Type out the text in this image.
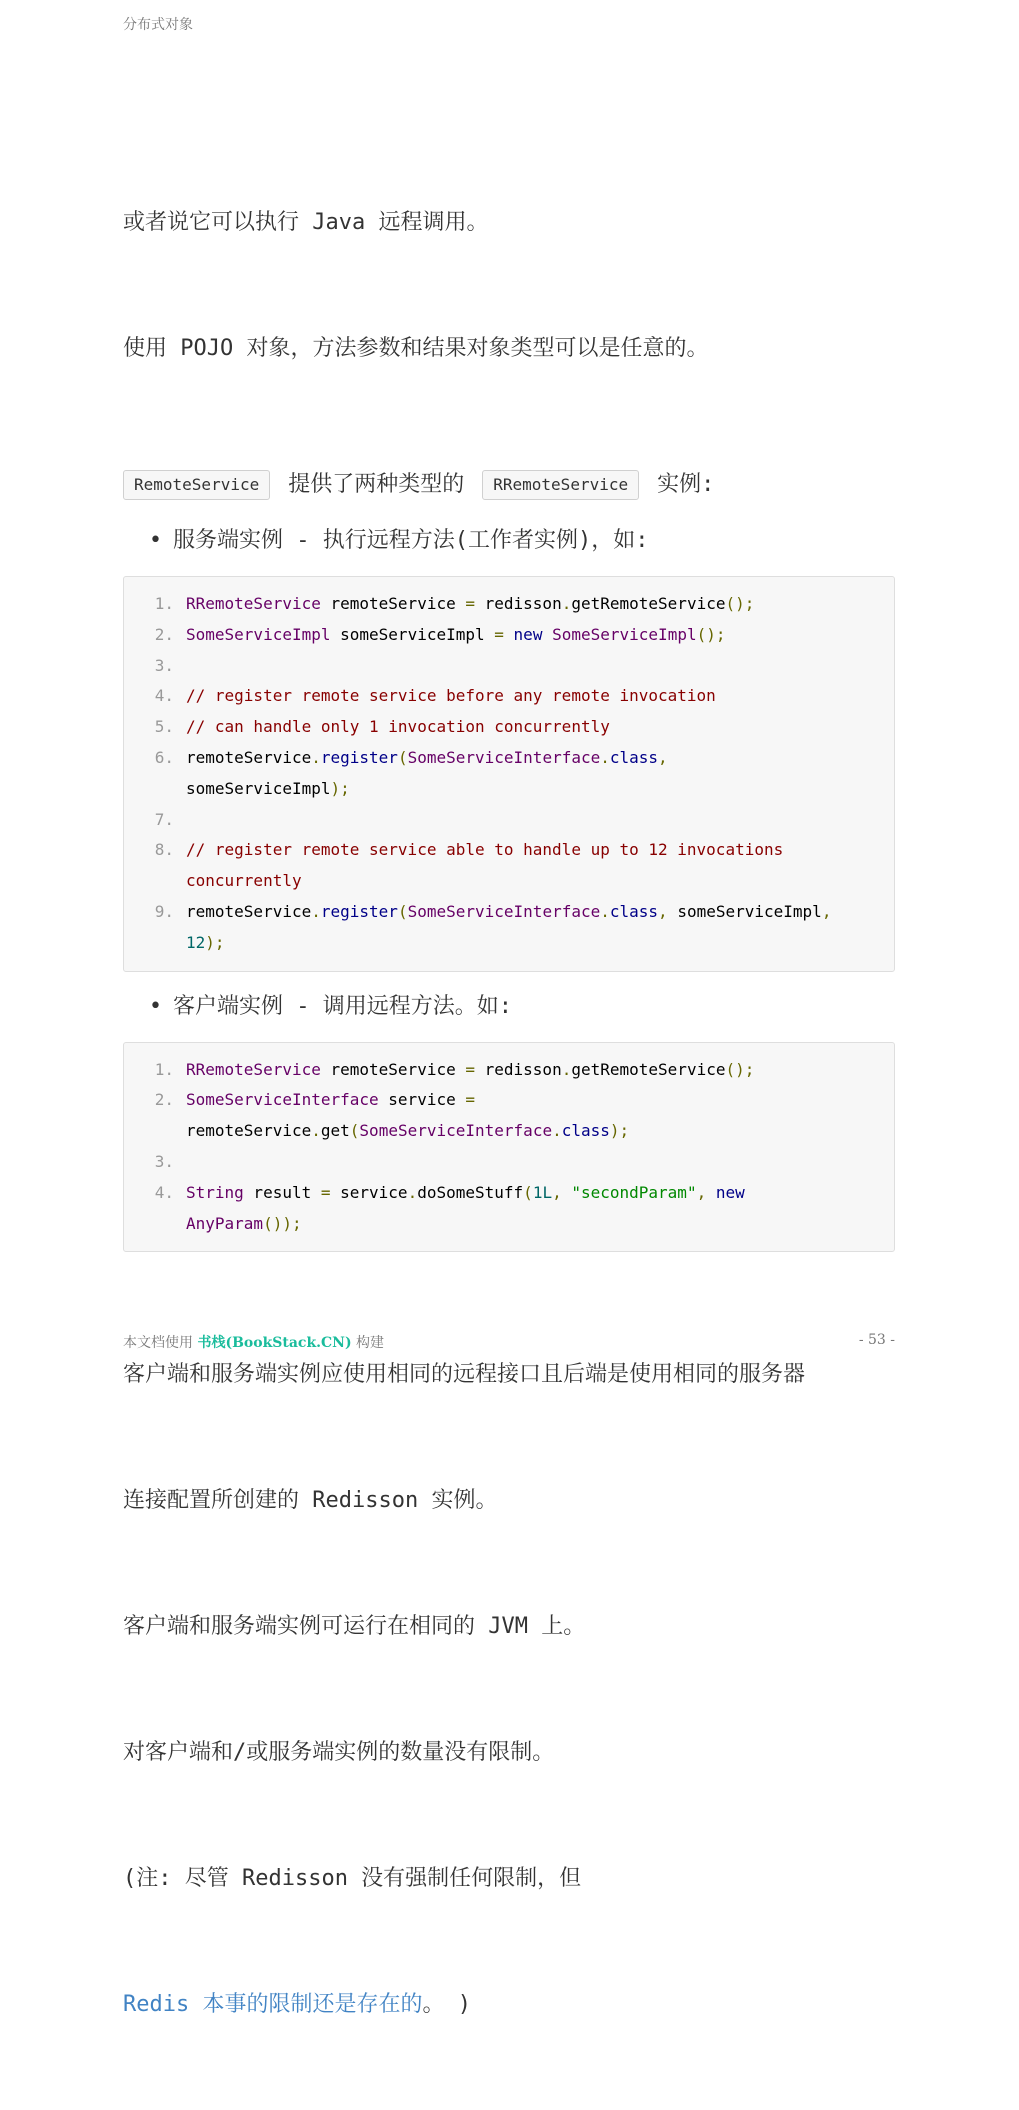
分布式对象

或者说它可以执行 Java 远程调用。

使用 POJO 对象，方法参数和结果对象类型可以是任意的。

RemoteService	提供了两种类型的	RRemoteService	实例:
• 服务端实例 - 执行远程方法(工作者实例)，如:
1. RRemoteService remoteService = redisson.getRemoteService();
2. SomeServiceImpl someServiceImpl = new SomeServiceImpl();
3.

4. // register remote service before any remote invocation
5. // can handle only 1 invocation concurrently
6. remoteService.register(SomeServiceInterface.class,
someServiceImpl);
7.

8. // register remote service able to handle up to 12 invocations concurrently
9. remoteService.register(SomeServiceInterface.class, someServiceImpl,
12);
• 客户端实例 - 调用远程方法。如:
1. RRemoteService remoteService = redisson.getRemoteService();
2. SomeServiceInterface service =
remoteService.get(SomeServiceInterface.class);
3.

4. String result = service.doSomeStuff(1L, "secondParam", new
AnyParam());

客户端和服务端实例应使用相同的远程接口且后端是使用相同的服务器

连接配置所创建的 Redisson 实例。

客户端和服务端实例可运行在相同的 JVM 上。

对客户端和/或服务端实例的数量没有限制。

(注: 尽管 Redisson 没有强制任何限制，但

Redis 本事的限制还是存在的。 )

本文档使用 书栈(BookStack.CN) 构建	- 53 -
